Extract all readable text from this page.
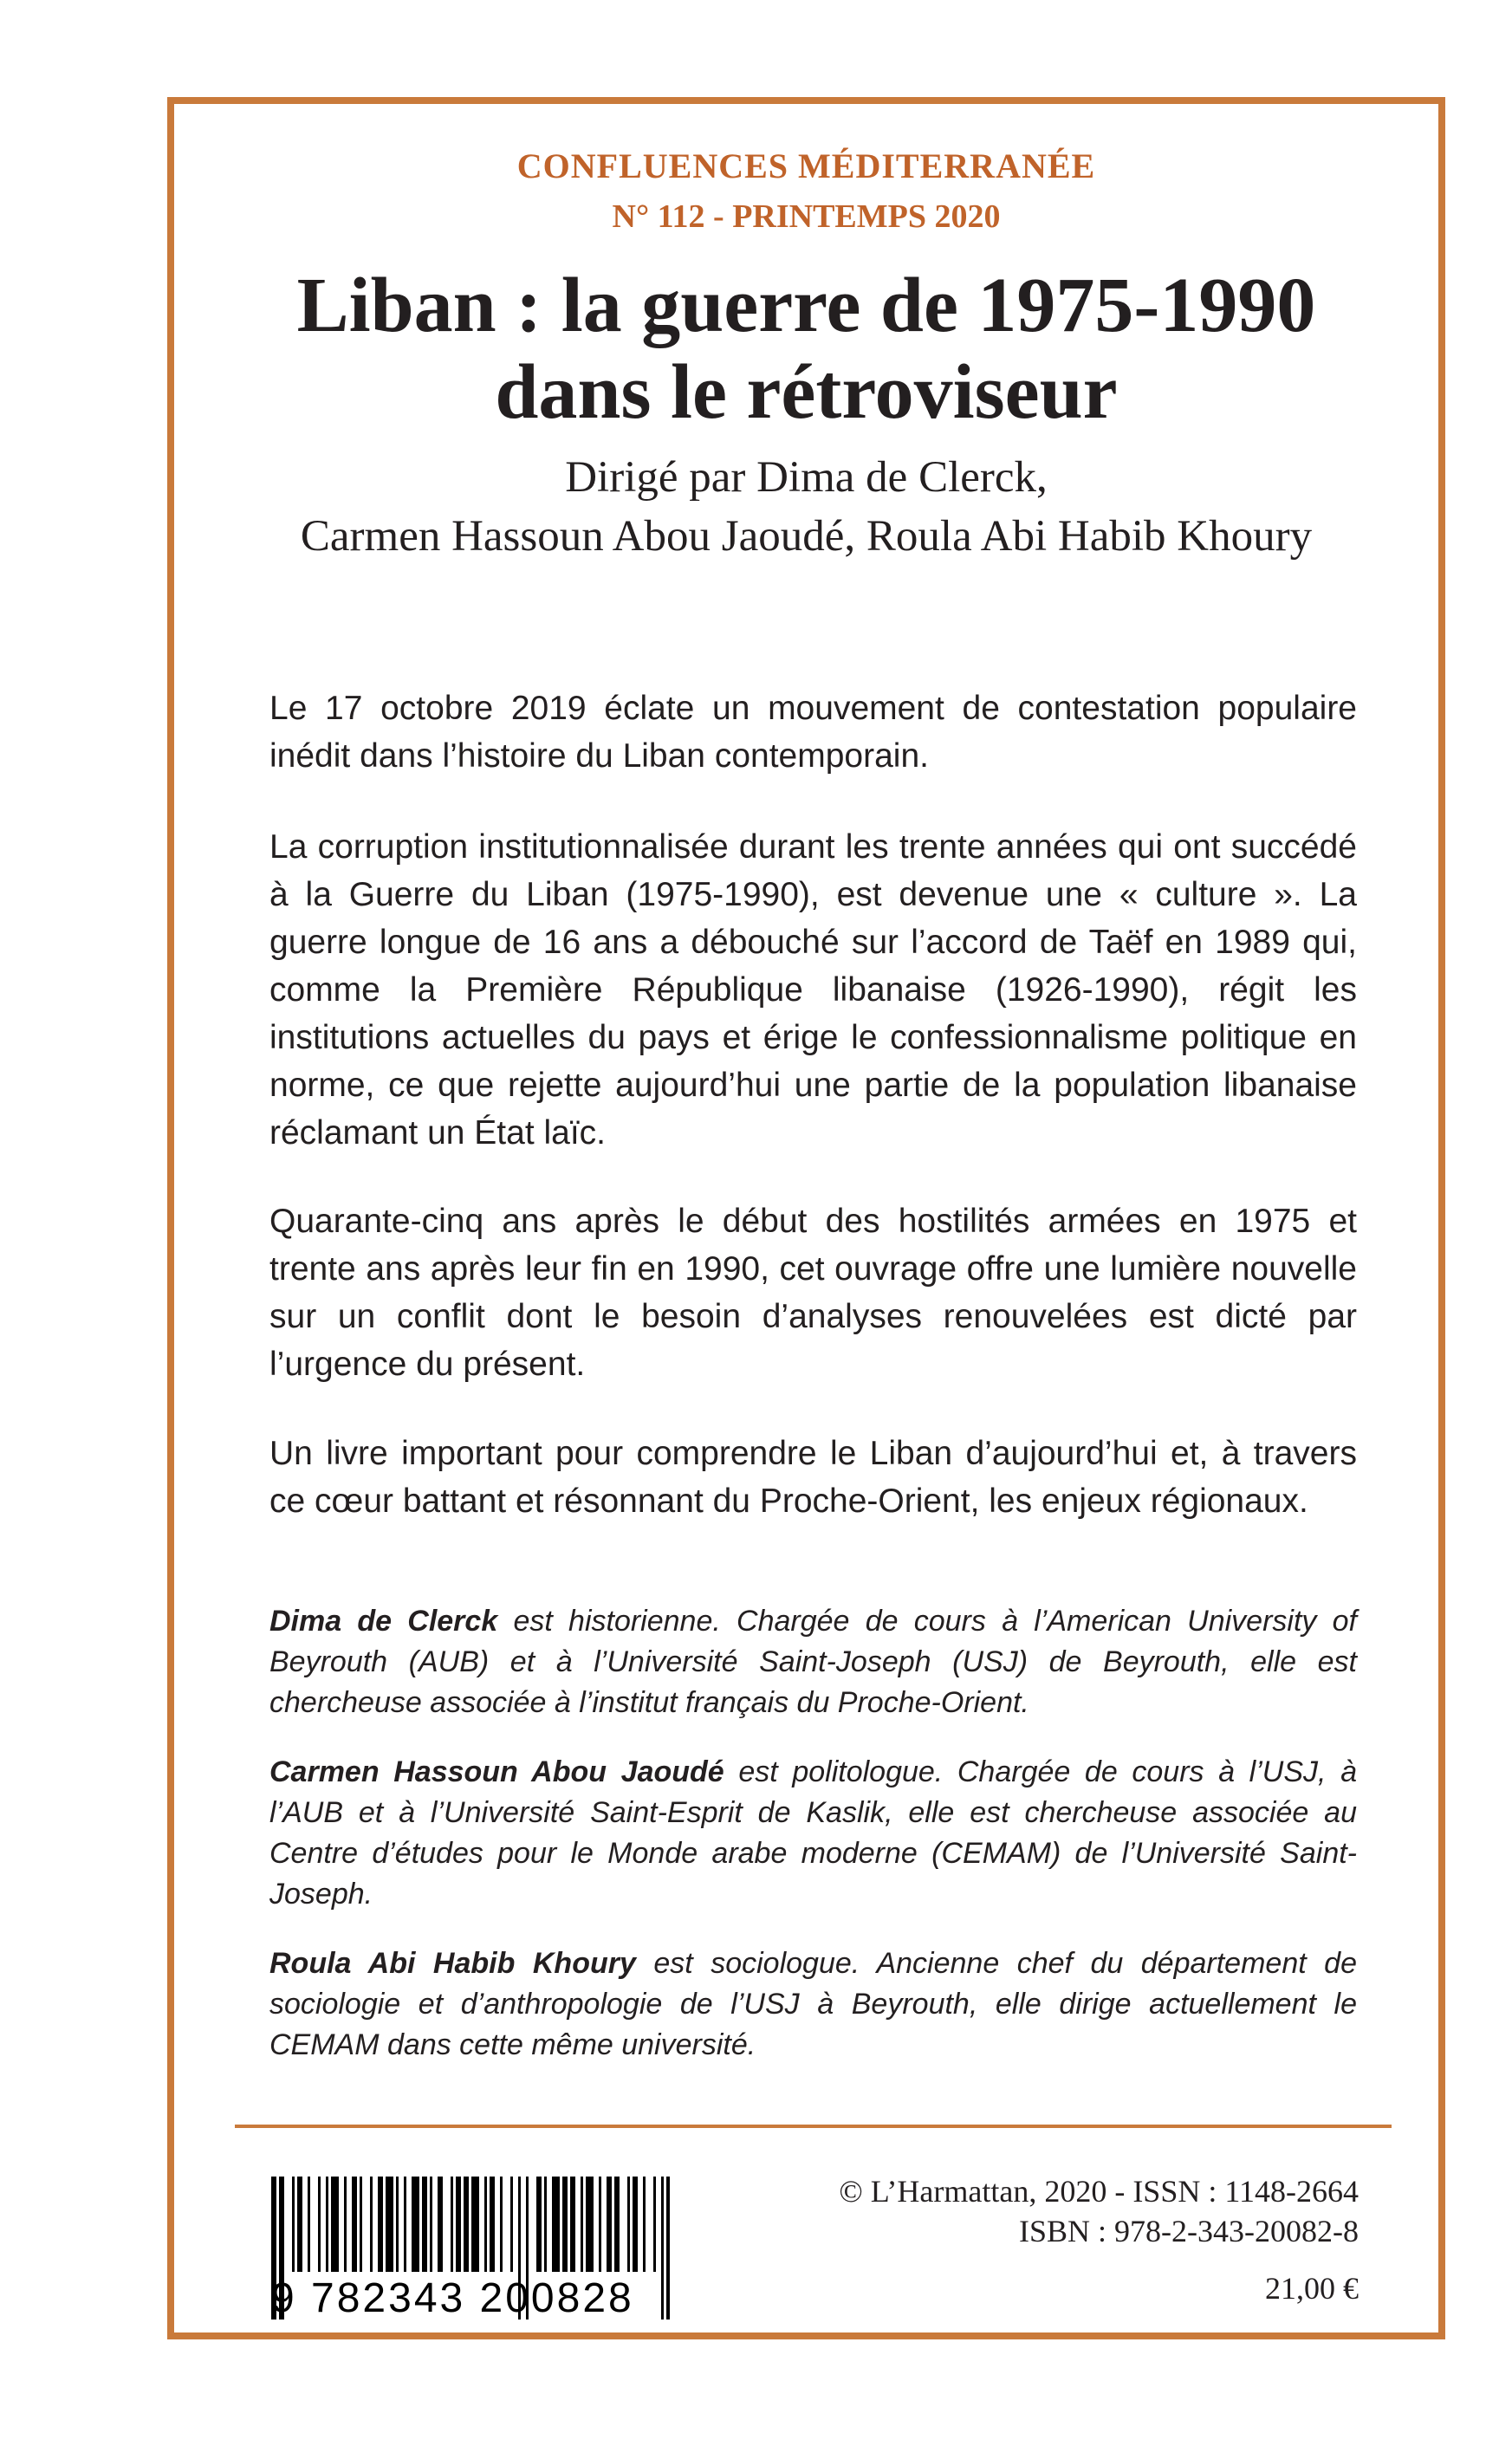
CONFLUENCES MÉDITERRANÉE
N° 112 - PRINTEMPS 2020
Liban : la guerre de 1975-1990
dans le rétroviseur
Dirigé par Dima de Clerck,
Carmen Hassoun Abou Jaoudé, Roula Abi Habib Khoury

Le 17 octobre 2019 éclate un mouvement de contestation populaire inédit dans l’histoire du Liban contemporain.

La corruption institutionnalisée durant les trente années qui ont succédé à la Guerre du Liban (1975-1990), est devenue une « culture ». La guerre longue de 16 ans a débouché sur l’accord de Taëf en 1989 qui, comme la Première République libanaise (1926-1990), régit les institutions actuelles du pays et érige le confessionnalisme politique en norme, ce que rejette aujourd’hui une partie de la population libanaise réclamant un État laïc.

Quarante-cinq ans après le début des hostilités armées en 1975 et trente ans après leur fin en 1990, cet ouvrage offre une lumière nouvelle sur un conflit dont le besoin d’analyses renouvelées est dicté par l’urgence du présent.

Un livre important pour comprendre le Liban d’aujourd’hui et, à travers ce cœur battant et résonnant du Proche-Orient, les enjeux régionaux.

Dima de Clerck est historienne. Chargée de cours à l’American University of Beyrouth (AUB) et à l’Université Saint-Joseph (USJ) de Beyrouth, elle est chercheuse associée à l’institut français du Proche-Orient.

Carmen Hassoun Abou Jaoudé est politologue. Chargée de cours à l’USJ, à l’AUB et à l’Université Saint-Esprit de Kaslik, elle est chercheuse associée au Centre d’études pour le Monde arabe moderne (CEMAM) de l’Université Saint-Joseph.

Roula Abi Habib Khoury est sociologue. Ancienne chef du département de sociologie et d’anthropologie de l’USJ à Beyrouth, elle dirige actuellement le CEMAM dans cette même université.

9 782343 200828
© L’Harmattan, 2020 - ISSN : 1148-2664
ISBN : 978-2-343-20082-8
21,00 €
